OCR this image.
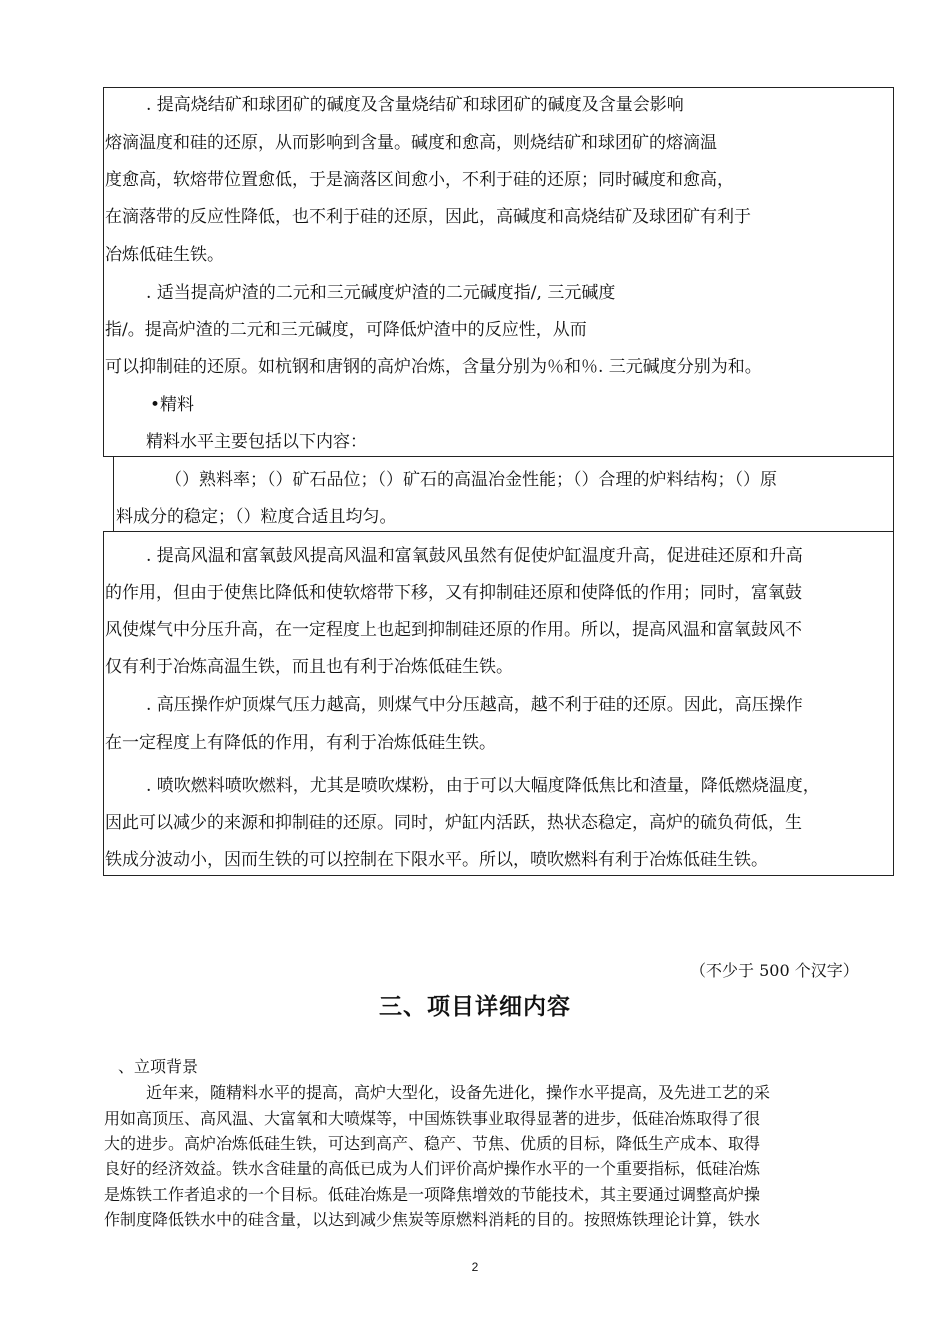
. 提高烧结矿和球团矿的碱度及含量烧结矿和球团矿的碱度及含量会影响
熔滴温度和硅的还原，从而影响到含量。碱度和愈高，则烧结矿和球团矿的熔滴温
度愈高，软熔带位置愈低，于是滴落区间愈小，不利于硅的还原；同时碱度和愈高，
在滴落带的反应性降低，也不利于硅的还原，因此，高碱度和高烧结矿及球团矿有利于
冶炼低硅生铁。
. 适当提高炉渣的二元和三元碱度炉渣的二元碱度指/, 三元碱度
指/。提高炉渣的二元和三元碱度，可降低炉渣中的反应性，从而
可以抑制硅的还原。如杭钢和唐钢的高炉冶炼，含量分别为％和％. 三元碱度分别为和。
•精料
精料水平主要包括以下内容：
（）熟料率；（）矿石品位；（）矿石的高温冶金性能；（）合理的炉料结构；（）原
料成分的稳定；（）粒度合适且均匀。
. 提高风温和富氧鼓风提高风温和富氧鼓风虽然有促使炉缸温度升高，促进硅还原和升高
的作用，但由于使焦比降低和使软熔带下移，又有抑制硅还原和使降低的作用；同时，富氧鼓
风使煤气中分压升高，在一定程度上也起到抑制硅还原的作用。所以，提高风温和富氧鼓风不
仅有利于冶炼高温生铁，而且也有利于冶炼低硅生铁。
. 高压操作炉顶煤气压力越高，则煤气中分压越高，越不利于硅的还原。因此，高压操作
在一定程度上有降低的作用，有利于冶炼低硅生铁。
. 喷吹燃料喷吹燃料，尤其是喷吹煤粉，由于可以大幅度降低焦比和渣量，降低燃烧温度，
因此可以减少的来源和抑制硅的还原。同时，炉缸内活跃，热状态稳定，高炉的硫负荷低，生
铁成分波动小，因而生铁的可以控制在下限水平。所以，喷吹燃料有利于冶炼低硅生铁。
（不少于 500 个汉字）
三、项目详细内容
、立项背景
近年来，随精料水平的提高，高炉大型化，设备先进化，操作水平提高，及先进工艺的采
用如高顶压、高风温、大富氧和大喷煤等，中国炼铁事业取得显著的进步，低硅冶炼取得了很
大的进步。高炉冶炼低硅生铁，可达到高产、稳产、节焦、优质的目标，降低生产成本、取得
良好的经济效益。铁水含硅量的高低已成为人们评价高炉操作水平的一个重要指标，低硅冶炼
是炼铁工作者追求的一个目标。低硅冶炼是一项降焦增效的节能技术，其主要通过调整高炉操
作制度降低铁水中的硅含量，以达到减少焦炭等原燃料消耗的目的。按照炼铁理论计算，铁水
2
